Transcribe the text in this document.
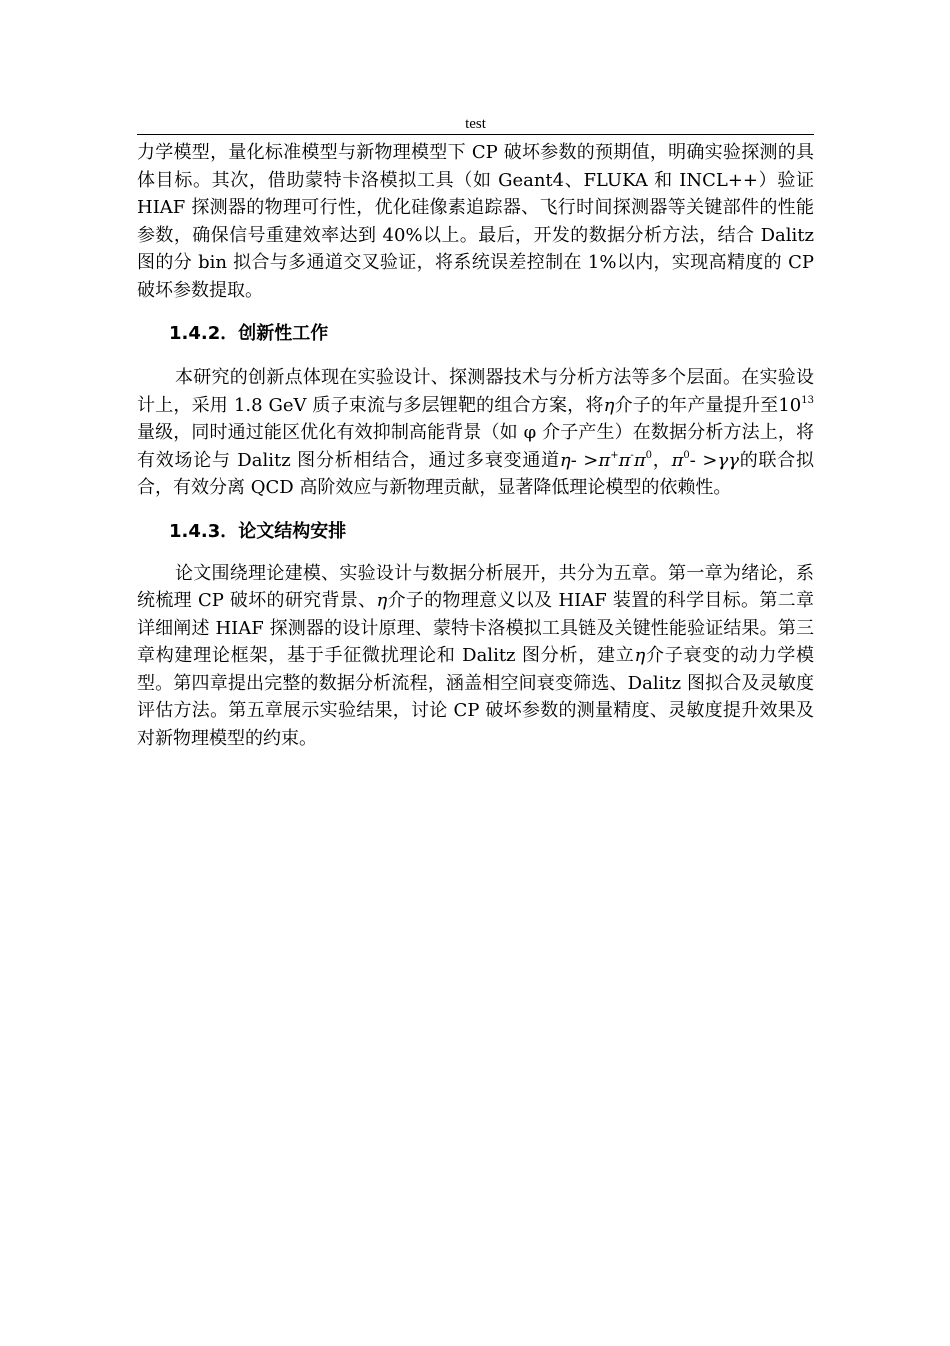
test

力学模型，量化标准模型与新物理模型下 CP 破坏参数的预期值，明确实验探测的具体目标。其次，借助蒙特卡洛模拟工具（如 Geant4、FLUKA 和 INCL++）验证 HIAF 探测器的物理可行性，优化硅像素追踪器、飞行时间探测器等关键部件的性能参数，确保信号重建效率达到 40%以上。最后，开发的数据分析方法，结合 Dalitz 图的分 bin 拟合与多通道交叉验证，将系统误差控制在 1%以内，实现高精度的 CP 破坏参数提取。

1.4.2．创新性工作

本研究的创新点体现在实验设计、探测器技术与分析方法等多个层面。在实验设计上，采用 1.8 GeV 质子束流与多层锂靶的组合方案，将η介子的年产量提升至$10^{13}$量级，同时通过能区优化有效抑制高能背景（如 φ 介子产生）在数据分析方法上，将有效场论与 Dalitz 图分析相结合，通过多衰变通道$\eta- >\pi^+\pi^-\pi^0$，$\pi^0- >\gamma\gamma$的联合拟合，有效分离 QCD 高阶效应与新物理贡献，显著降低理论模型的依赖性。

1.4.3．论文结构安排

论文围绕理论建模、实验设计与数据分析展开，共分为五章。第一章为绪论，系统梳理 CP 破坏的研究背景、η介子的物理意义以及 HIAF 装置的科学目标。第二章详细阐述 HIAF 探测器的设计原理、蒙特卡洛模拟工具链及关键性能验证结果。第三章构建理论框架，基于手征微扰理论和 Dalitz 图分析，建立η介子衰变的动力学模型。第四章提出完整的数据分析流程，涵盖相空间衰变筛选、Dalitz 图拟合及灵敏度评估方法。第五章展示实验结果，讨论 CP 破坏参数的测量精度、灵敏度提升效果及对新物理模型的约束。
